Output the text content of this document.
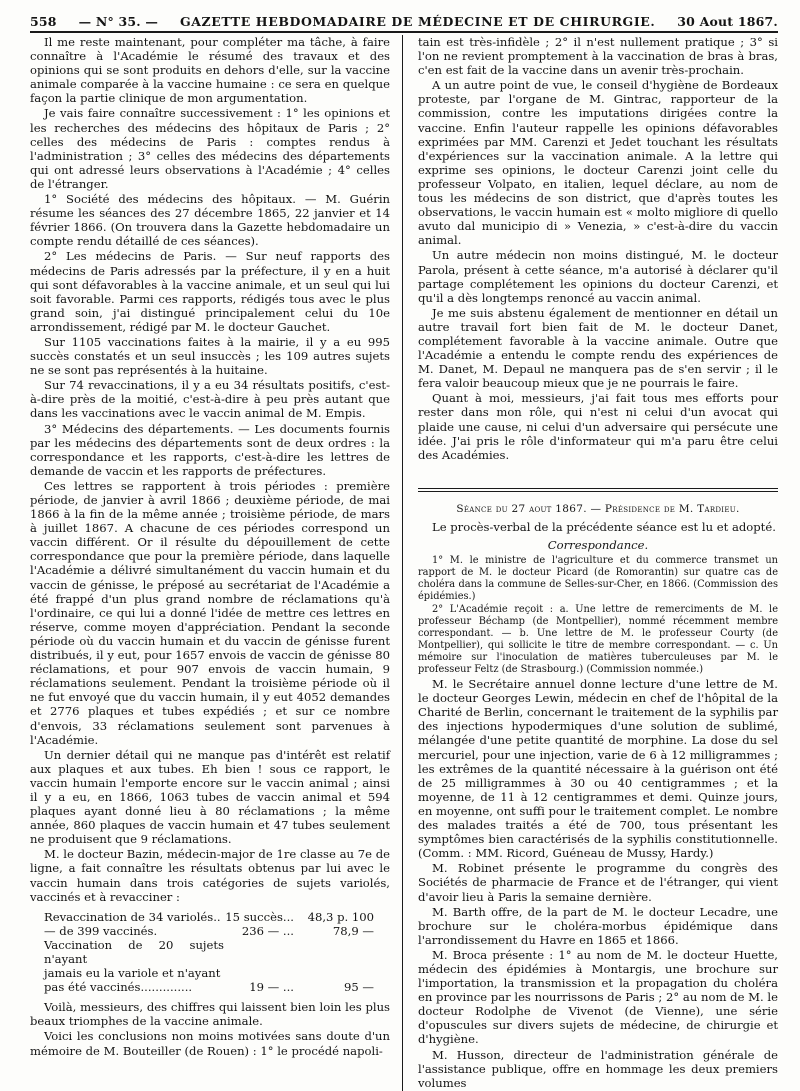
558 — N° 35. — GAZETTE HEBDOMADAIRE DE MÉDECINE ET DE CHIRURGIE. 30 Aout 1867.

Il me reste maintenant, pour compléter ma tâche, à faire connaître à l'Académie le résumé des travaux et des opinions qui se sont produits en dehors d'elle, sur la vaccine animale comparée à la vaccine humaine : ce sera en quelque façon la partie clinique de mon argumentation.

Je vais faire connaître successivement : 1° les opinions et les recherches des médecins des hôpitaux de Paris ; 2° celles des médecins de Paris : comptes rendus à l'administration ; 3° celles des médecins des départements qui ont adressé leurs observations à l'Académie ; 4° celles de l'étranger.

1° Société des médecins des hôpitaux. — M. Guérin résume les séances des 27 décembre 1865, 22 janvier et 14 février 1866. (On trouvera dans la Gazette hebdomadaire un compte rendu détaillé de ces séances).

2° Les médecins de Paris. — Sur neuf rapports des médecins de Paris adressés par la préfecture, il y en a huit qui sont défavorables à la vaccine animale, et un seul qui lui soit favorable. Parmi ces rapports, rédigés tous avec le plus grand soin, j'ai distingué principalement celui du 10e arrondissement, rédigé par M. le docteur Gauchet.

Sur 1105 vaccinations faites à la mairie, il y a eu 995 succès constatés et un seul insuccès ; les 109 autres sujets ne se sont pas représentés à la huitaine.

Sur 74 revaccinations, il y a eu 34 résultats positifs, c'est-à-dire près de la moitié, c'est-à-dire à peu près autant que dans les vaccinations avec le vaccin animal de M. Empis.

3° Médecins des départements. — Les documents fournis par les médecins des départements sont de deux ordres : la correspondance et les rapports, c'est-à-dire les lettres de demande de vaccin et les rapports de préfectures.

Ces lettres se rapportent à trois périodes : première période, de janvier à avril 1866 ; deuxième période, de mai 1866 à la fin de la même année ; troisième période, de mars à juillet 1867. A chacune de ces périodes correspond un vaccin différent. Or il résulte du dépouillement de cette correspondance que pour la première période, dans laquelle l'Académie a délivré simultanément du vaccin humain et du vaccin de génisse, le préposé au secrétariat de l'Académie a été frappé d'un plus grand nombre de réclamations qu'à l'ordinaire, ce qui lui a donné l'idée de mettre ces lettres en réserve, comme moyen d'appréciation. Pendant la seconde période où du vaccin humain et du vaccin de génisse furent distribués, il y eut, pour 1657 envois de vaccin de génisse 80 réclamations, et pour 907 envois de vaccin humain, 9 réclamations seulement. Pendant la troisième période où il ne fut envoyé que du vaccin humain, il y eut 4052 demandes et 2776 plaques et tubes expédiés ; et sur ce nombre d'envois, 33 réclamations seulement sont parvenues à l'Académie.

Un dernier détail qui ne manque pas d'intérêt est relatif aux plaques et aux tubes. Eh bien ! sous ce rapport, le vaccin humain l'emporte encore sur le vaccin animal ; ainsi il y a eu, en 1866, 1063 tubes de vaccin animal et 594 plaques ayant donné lieu à 80 réclamations ; la même année, 860 plaques de vaccin humain et 47 tubes seulement ne produisent que 9 réclamations.

M. le docteur Bazin, médecin-major de 1re classe au 7e de ligne, a fait connaître les résultats obtenus par lui avec le vaccin humain dans trois catégories de sujets variolés, vaccinés et à revacciner :

Revaccination de 34 variolés.. 15 succès...	48,3 p. 100
— de 399 vaccinés.	236 — ...	78,9 —
Vaccination de 20 sujets n'ayant
jamais eu la variole et n'ayant
pas été vaccinés..............	19 — ...	95 —

Voilà, messieurs, des chiffres qui laissent bien loin les plus beaux triomphes de la vaccine animale.

Voici les conclusions non moins motivées sans doute d'un mémoire de M. Bouteiller (de Rouen) : 1° le procédé napoli-

tain est très-infidèle ; 2° il n'est nullement pratique ; 3° si l'on ne revient promptement à la vaccination de bras à bras, c'en est fait de la vaccine dans un avenir très-prochain.

A un autre point de vue, le conseil d'hygiène de Bordeaux proteste, par l'organe de M. Gintrac, rapporteur de la commission, contre les imputations dirigées contre la vaccine. Enfin l'auteur rappelle les opinions défavorables exprimées par MM. Carenzi et Jedet touchant les résultats d'expériences sur la vaccination animale. A la lettre qui exprime ses opinions, le docteur Carenzi joint celle du professeur Volpato, en italien, lequel déclare, au nom de tous les médecins de son district, que d'après toutes les observations, le vaccin humain est « molto migliore di quello avuto dal municipio di » Venezia, » c'est-à-dire du vaccin animal.

Un autre médecin non moins distingué, M. le docteur Parola, présent à cette séance, m'a autorisé à déclarer qu'il partage complétement les opinions du docteur Carenzi, et qu'il a dès longtemps renoncé au vaccin animal.

Je me suis abstenu également de mentionner en détail un autre travail fort bien fait de M. le docteur Danet, complétement favorable à la vaccine animale. Outre que l'Académie a entendu le compte rendu des expériences de M. Danet, M. Depaul ne manquera pas de s'en servir ; il le fera valoir beaucoup mieux que je ne pourrais le faire.

Quant à moi, messieurs, j'ai fait tous mes efforts pour rester dans mon rôle, qui n'est ni celui d'un avocat qui plaide une cause, ni celui d'un adversaire qui persécute une idée. J'ai pris le rôle d'informateur qui m'a paru être celui des Académies.

Séance du 27 aout 1867. — Présidence de M. Tardieu.

Le procès-verbal de la précédente séance est lu et adopté.

Correspondance.

1° M. le ministre de l'agriculture et du commerce transmet un rapport de M. le docteur Picard (de Romorantin) sur quatre cas de choléra dans la commune de Selles-sur-Cher, en 1866. (Commission des épidémies.)

2° L'Académie reçoit : a. Une lettre de remerciments de M. le professeur Béchamp (de Montpellier), nommé récemment membre correspondant. — b. Une lettre de M. le professeur Courty (de Montpellier), qui sollicite le titre de membre correspondant. — c. Un mémoire sur l'inoculation de matières tuberculeuses par M. le professeur Feltz (de Strasbourg.) (Commission nommée.)

M. le Secrétaire annuel donne lecture d'une lettre de M. le docteur Georges Lewin, médecin en chef de l'hôpital de la Charité de Berlin, concernant le traitement de la syphilis par des injections hypodermiques d'une solution de sublimé, mélangée d'une petite quantité de morphine. La dose du sel mercuriel, pour une injection, varie de 6 à 12 milligrammes ; les extrêmes de la quantité nécessaire à la guérison ont été de 25 milligrammes à 30 ou 40 centigrammes ; et la moyenne, de 11 à 12 centigrammes et demi. Quinze jours, en moyenne, ont suffi pour le traitement complet. Le nombre des malades traités a été de 700, tous présentant les symptômes bien caractérisés de la syphilis constitutionnelle. (Comm. : MM. Ricord, Guéneau de Mussy, Hardy.)

M. Robinet présente le programme du congrès des Sociétés de pharmacie de France et de l'étranger, qui vient d'avoir lieu à Paris la semaine dernière.

M. Barth offre, de la part de M. le docteur Lecadre, une brochure sur le choléra-morbus épidémique dans l'arrondissement du Havre en 1865 et 1866.

M. Broca présente : 1° au nom de M. le docteur Huette, médecin des épidémies à Montargis, une brochure sur l'importation, la transmission et la propagation du choléra en province par les nourrissons de Paris ; 2° au nom de M. le docteur Rodolphe de Vivenot (de Vienne), une série d'opuscules sur divers sujets de médecine, de chirurgie et d'hygiène.

M. Husson, directeur de l'administration générale de l'assistance publique, offre en hommage les deux premiers volumes
